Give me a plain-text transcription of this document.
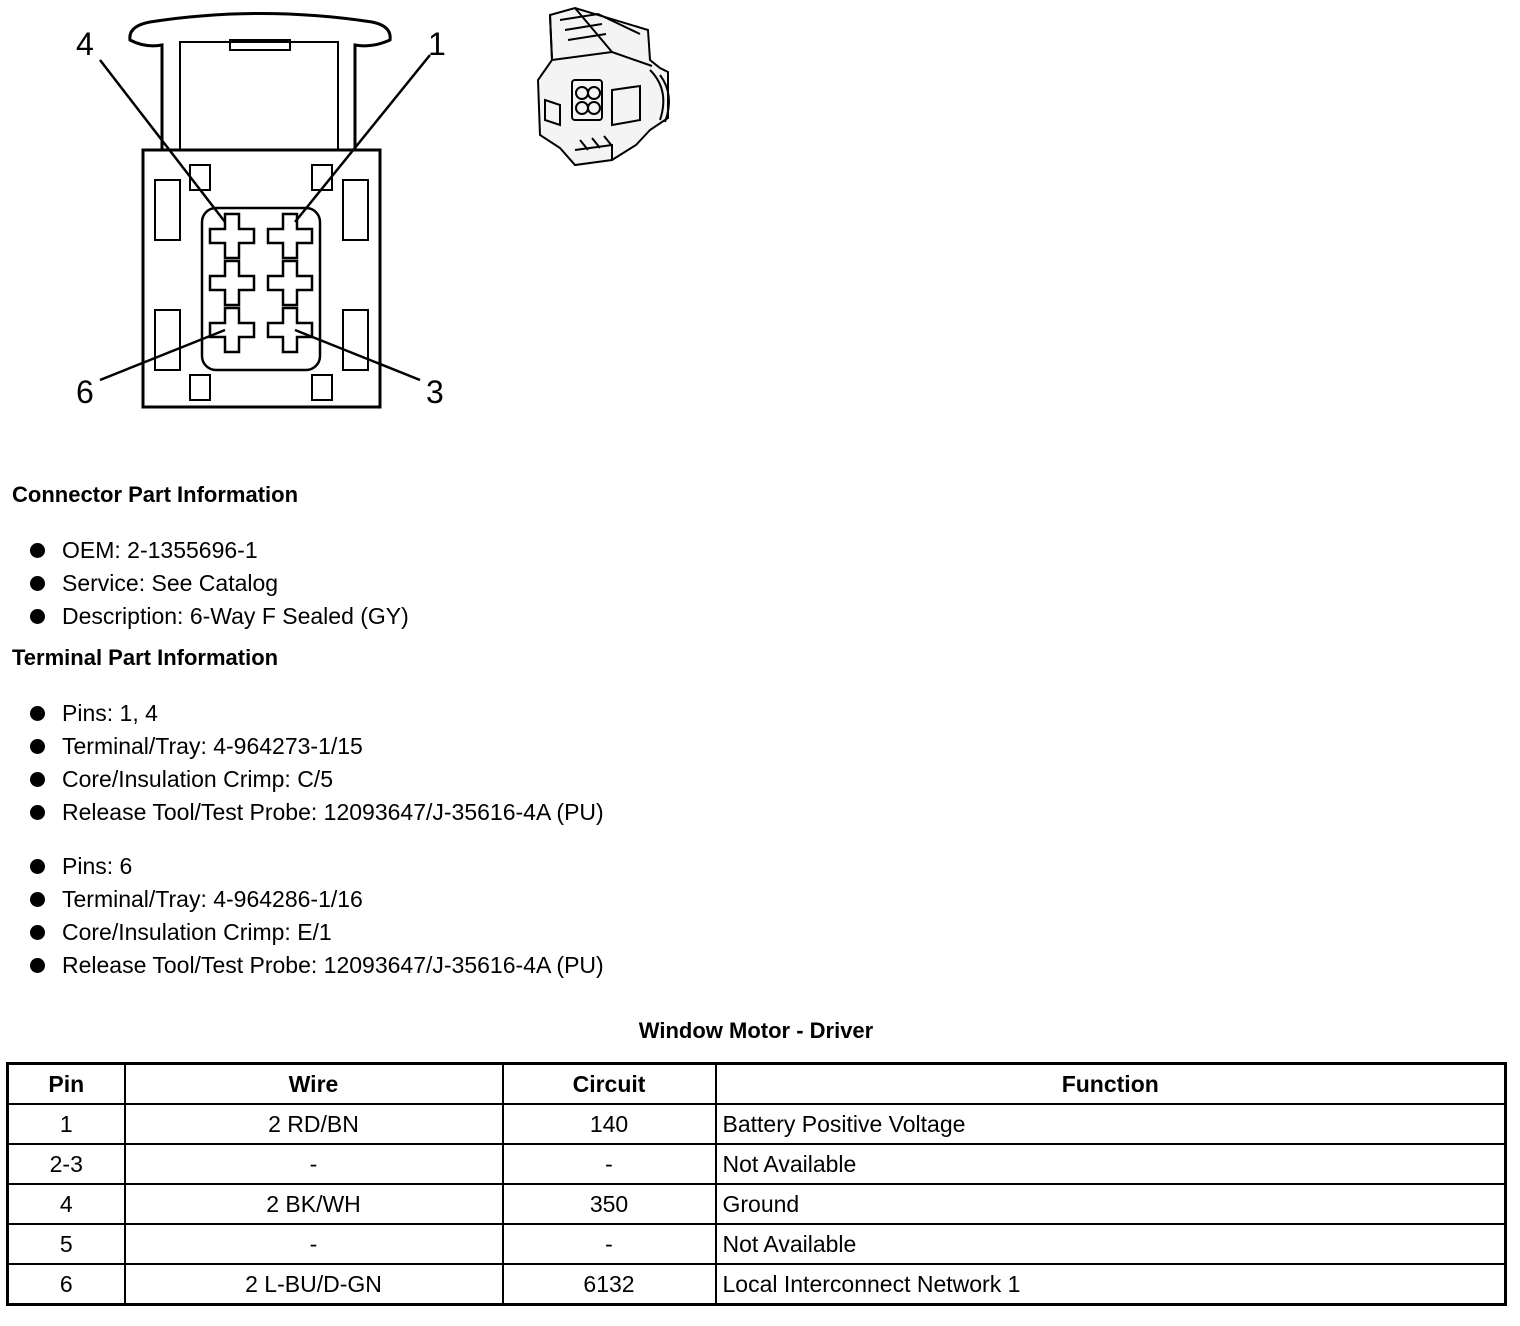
4	1
6	3
Connector Part Information
OEM: 2-1355696-1
Service: See Catalog
Description: 6-Way F Sealed (GY)
Terminal Part Information
Pins: 1, 4
Terminal/Tray: 4-964273-1/15
Core/Insulation Crimp: C/5
Release Tool/Test Probe: 12093647/J-35616-4A (PU)
Pins: 6
Terminal/Tray: 4-964286-1/16
Core/Insulation Crimp: E/1
Release Tool/Test Probe: 12093647/J-35616-4A (PU)
Window Motor - Driver
Pin	Wire	Circuit	Function
1	2 RD/BN	140	Battery Positive Voltage
2-3	-	-	Not Available
4	2 BK/WH	350	Ground
5	-	-	Not Available
6	2 L-BU/D-GN	6132	Local Interconnect Network 1
